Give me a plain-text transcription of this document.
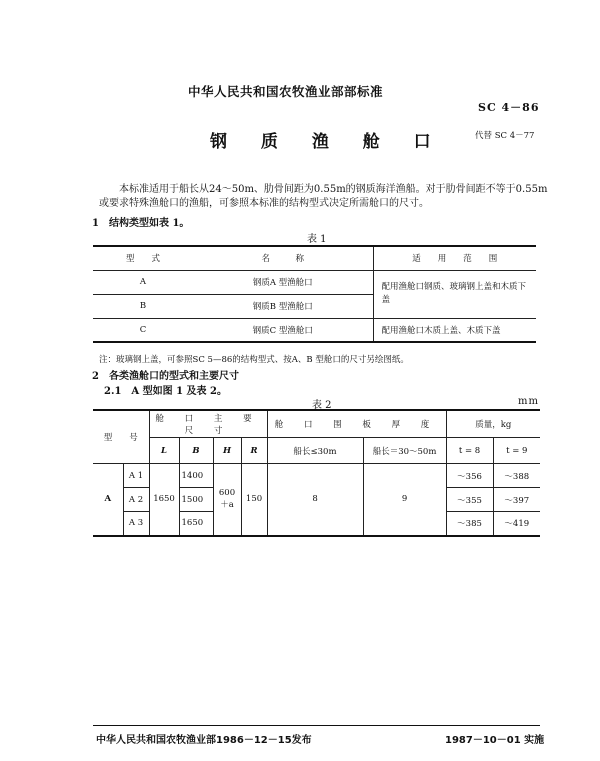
中华人民共和国农牧渔业部部标准
SC 4－86
钢 质 渔 舱 口	代替 SC 4－77
本标准适用于船长从24～50m、肋骨间距为0.55m的钢质海洋渔船。对于肋骨间距不等于0.55m或要求特殊渔舱口的渔船，可参照本标准的结构型式决定所需舱口的尺寸。
1　结构类型如表 1。
表 1
型　　式	名　　　称	适　　用　　范　　围
A	钢质A 型渔舱口	配用渔舱口钢质、玻璃钢上盖和木质下盖
B	钢质B 型渔舱口	
C	钢质C 型渔舱口	配用渔舱口木质上盖、木质下盖
注：玻璃钢上盖，可参照SC 5—86的结构型式、按A、B 型舱口的尺寸另绘图纸。
2　各类渔舱口的型式和主要尺寸
2.1　A 型如图 1 及表 2。
表 2	mm
型　　号		舱 口 主 要 尺 寸				舱 口 围 板 厚 度		质量，kg	
		L	B	H	R	船长≤30m	船长＝30～50m	t = 8	t = 9
A	A 1	1650	1400	600＋a	150	8	9	～356	～388
	A 2		1500					～355	～397
	A 3		1650					～385	～419
中华人民共和国农牧渔业部1986－12－15发布	1987－10－01 实施
